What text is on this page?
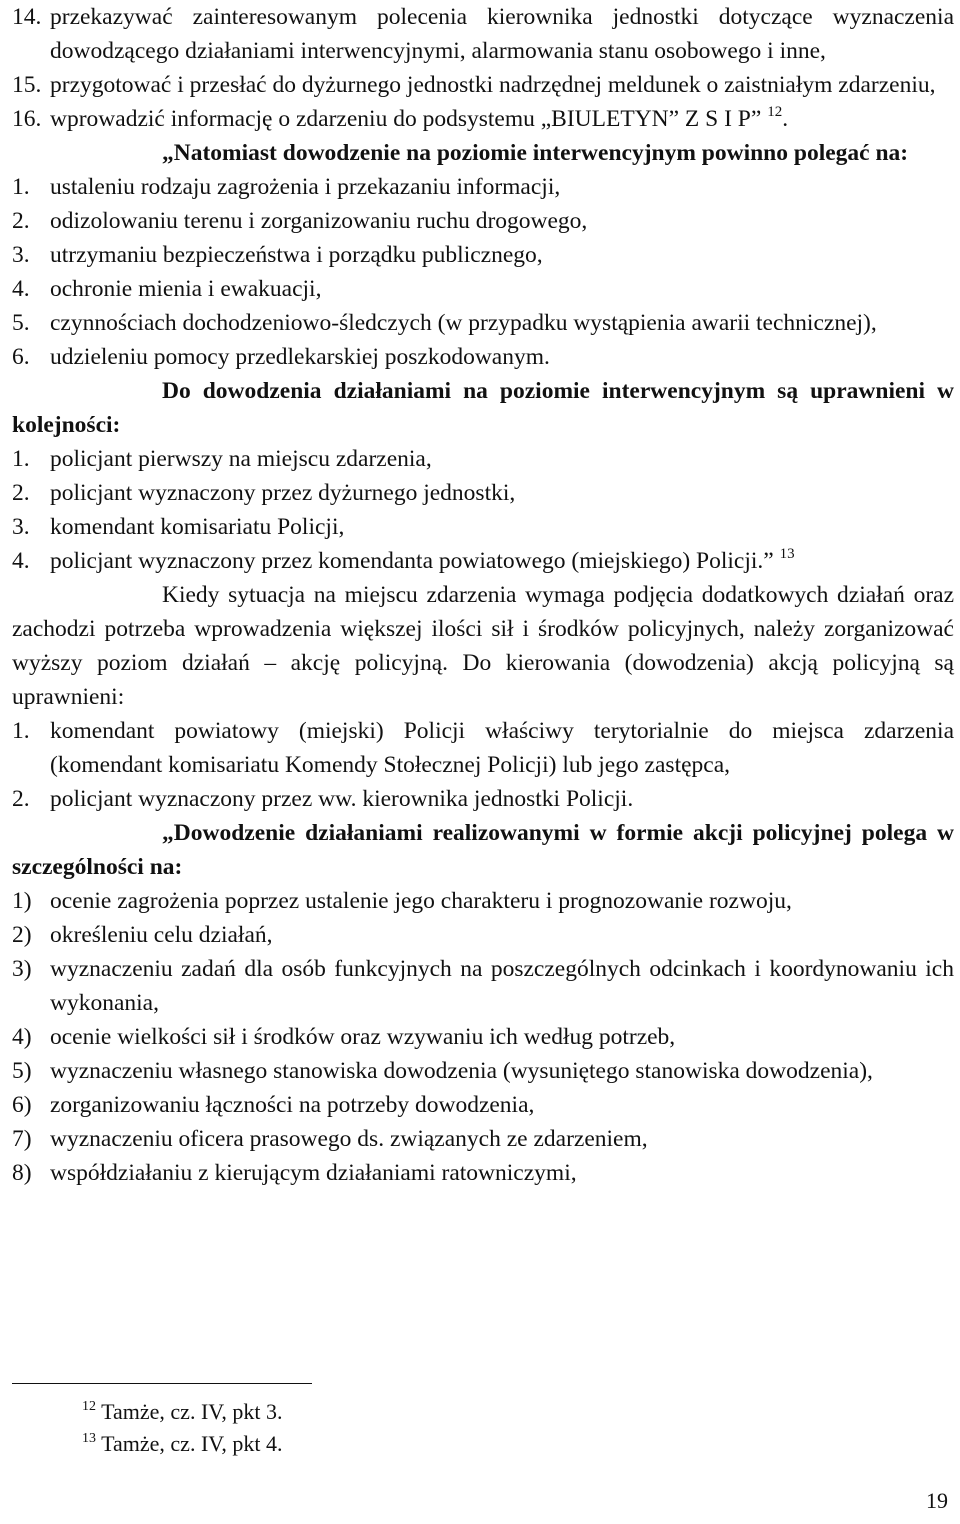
14. przekazywać zainteresowanym polecenia kierownika jednostki dotyczące wyznaczenia dowodzącego działaniami interwencyjnymi, alarmowania stanu osobowego i inne,
15. przygotować i przesłać do dyżurnego jednostki nadrzędnej meldunek o zaistniałym zdarzeniu,
16. wprowadzić informację o zdarzeniu do podsystemu „BIULETYN” Z S I P” $^{12}$.
„Natomiast dowodzenie na poziomie interwencyjnym powinno polegać na:
1. ustaleniu rodzaju zagrożenia i przekazaniu informacji,
2. odizolowaniu terenu i zorganizowaniu ruchu drogowego,
3. utrzymaniu bezpieczeństwa i porządku publicznego,
4. ochronie mienia i ewakuacji,
5. czynnościach dochodzeniowo-śledczych (w przypadku wystąpienia awarii technicznej),
6. udzieleniu pomocy przedlekarskiej poszkodowanym.
Do dowodzenia działaniami na poziomie interwencyjnym są uprawnieni w kolejności:
1. policjant pierwszy na miejscu zdarzenia,
2. policjant wyznaczony przez dyżurnego jednostki,
3. komendant komisariatu Policji,
4. policjant wyznaczony przez komendanta powiatowego (miejskiego) Policji.” $^{13}$
Kiedy sytuacja na miejscu zdarzenia wymaga podjęcia dodatkowych działań oraz zachodzi potrzeba wprowadzenia większej ilości sił i środków policyjnych, należy zorganizować wyższy poziom działań – akcję policyjną. Do kierowania (dowodzenia) akcją policyjną są uprawnieni:
1. komendant powiatowy (miejski) Policji właściwy terytorialnie do miejsca zdarzenia (komendant komisariatu Komendy Stołecznej Policji) lub jego zastępca,
2. policjant wyznaczony przez ww. kierownika jednostki Policji.
„Dowodzenie działaniami realizowanymi w formie akcji policyjnej polega w szczególności na:
1) ocenie zagrożenia poprzez ustalenie jego charakteru i prognozowanie rozwoju,
2) określeniu celu działań,
3) wyznaczeniu zadań dla osób funkcyjnych na poszczególnych odcinkach i koordynowaniu ich wykonania,
4) ocenie wielkości sił i środków oraz wzywaniu ich według potrzeb,
5) wyznaczeniu własnego stanowiska dowodzenia (wysuniętego stanowiska dowodzenia),
6) zorganizowaniu łączności na potrzeby dowodzenia,
7) wyznaczeniu oficera prasowego ds. związanych ze zdarzeniem,
8) współdziałaniu z kierującym działaniami ratowniczymi,
$^{12}$ Tamże, cz. IV, pkt 3.
$^{13}$ Tamże, cz. IV, pkt 4.
19
